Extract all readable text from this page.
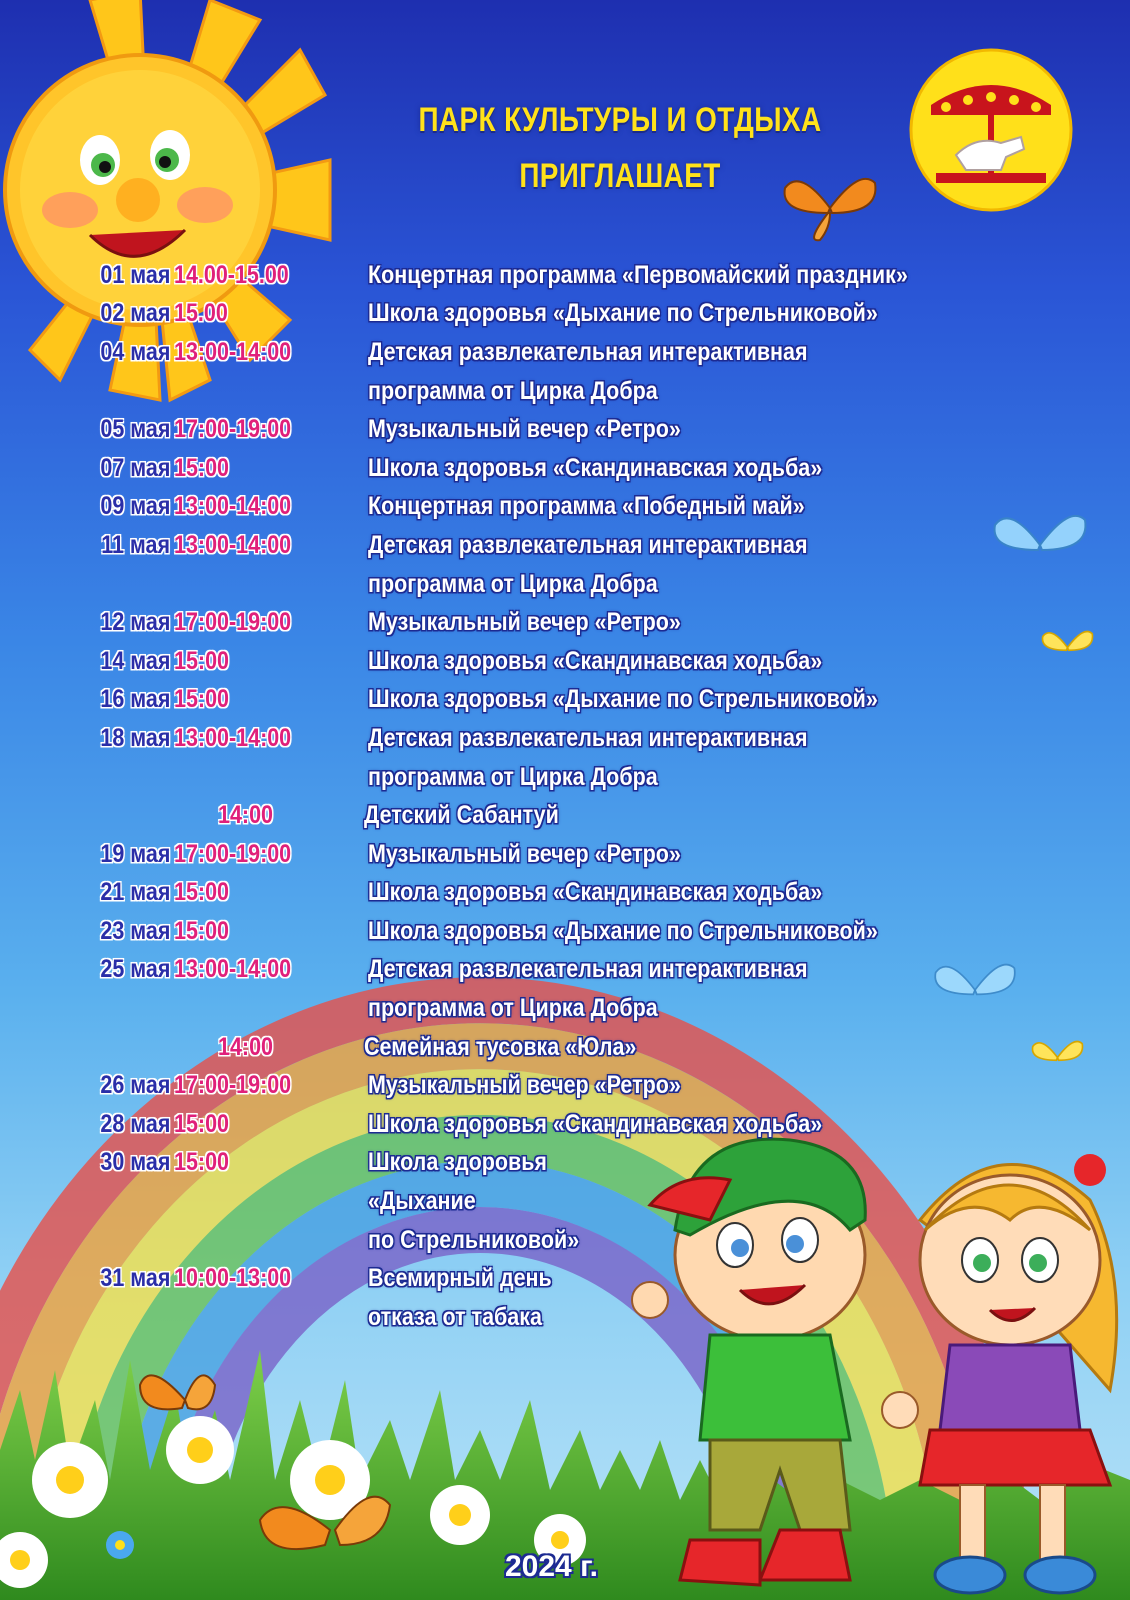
ПАРК КУЛЬТУРЫ И ОТДЫХА
ПРИГЛАШАЕТ
01 мая 14.00-15.00	Концертная программа «Первомайский праздник»
02 мая 15.00	Школа здоровья «Дыхание по Стрельниковой»
04 мая 13:00-14:00	Детская развлекательная интерактивная
программа от Цирка Добра
05 мая 17:00-19:00	Музыкальный вечер «Ретро»
07 мая 15:00	Школа здоровья «Скандинавская ходьба»
09 мая 13:00-14:00	Концертная программа «Победный май»
11 мая 13:00-14:00	Детская развлекательная интерактивная
программа от Цирка Добра
12 мая 17:00-19:00	Музыкальный вечер «Ретро»
14 мая 15:00	Школа здоровья «Скандинавская ходьба»
16 мая 15:00	Школа здоровья «Дыхание по Стрельниковой»
18 мая 13:00-14:00	Детская развлекательная интерактивная
программа от Цирка Добра
14:00	Детский Сабантуй
19 мая 17:00-19:00	Музыкальный вечер «Ретро»
21 мая 15:00	Школа здоровья «Скандинавская ходьба»
23 мая 15:00	Школа здоровья «Дыхание по Стрельниковой»
25 мая 13:00-14:00	Детская развлекательная интерактивная
программа от Цирка Добра
14:00	Семейная тусовка «Юла»
26 мая 17:00-19:00	Музыкальный вечер «Ретро»
28 мая 15:00	Школа здоровья «Скандинавская ходьба»
30 мая 15:00	Школа здоровья
«Дыхание
по Стрельниковой»
31 мая 10:00-13:00	Всемирный день
отказа от табака
2024 г.
